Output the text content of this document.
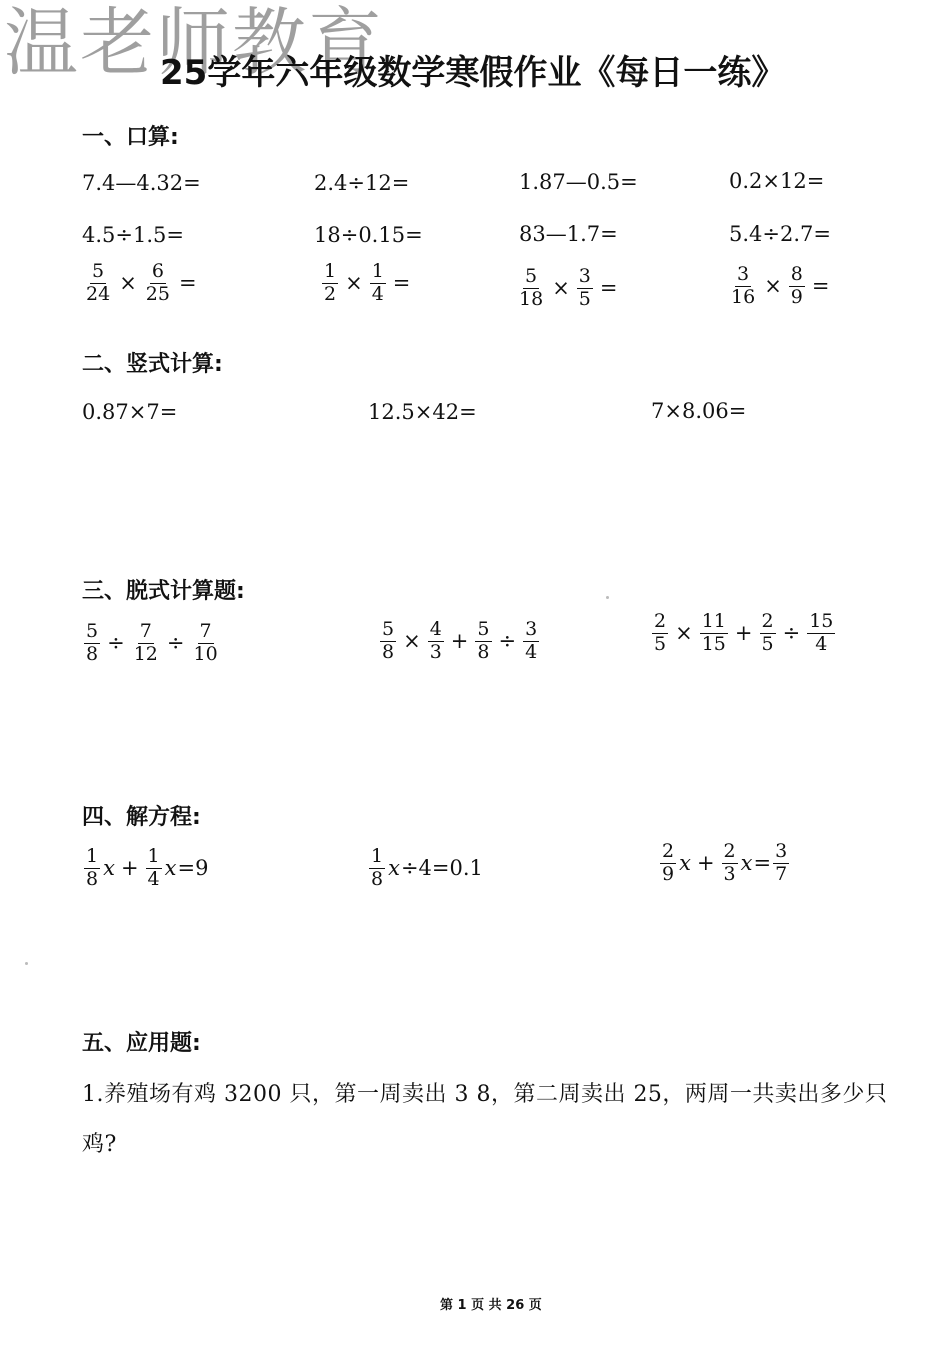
温老师教育
25学年六年级数学寒假作业《每日一练》
一、口算:
7.4—4.32=	2.4÷12=	1.87—0.5=	0.2×12=
4.5÷1.5=	18÷0.15=	83—1.7=	5.4÷2.7=
$\frac{5}{24} \times \frac{6}{25}$ =	$\frac{1}{2} \times \frac{1}{4}$ =	$\frac{5}{18} \times \frac{3}{5}$ =	$\frac{3}{16} \times \frac{8}{9}$ =
二、竖式计算:
0.87×7=	12.5×42=	7×8.06=
三、脱式计算题:
$\frac{5}{8} \div \frac{7}{12} \div \frac{7}{10}$	$\frac{5}{8} \times \frac{4}{3} + \frac{5}{8} \div \frac{3}{4}$	$\frac{2}{5} \times \frac{11}{15} + \frac{2}{5} \div \frac{15}{4}$
四、解方程:
$\frac{1}{8}$ $x + \frac{1}{4}$ x =9	$\frac{1}{8}$ x ÷4=0.1	$\frac{2}{9}$ $x + \frac{2}{3}$ $x = \frac{3}{7}$
五、应用题:
1.养殖场有鸡 3200 只，第一周卖出 3 8，第二周卖出 25，两周一共卖出多少只鸡?
第 1 页 共 26 页
